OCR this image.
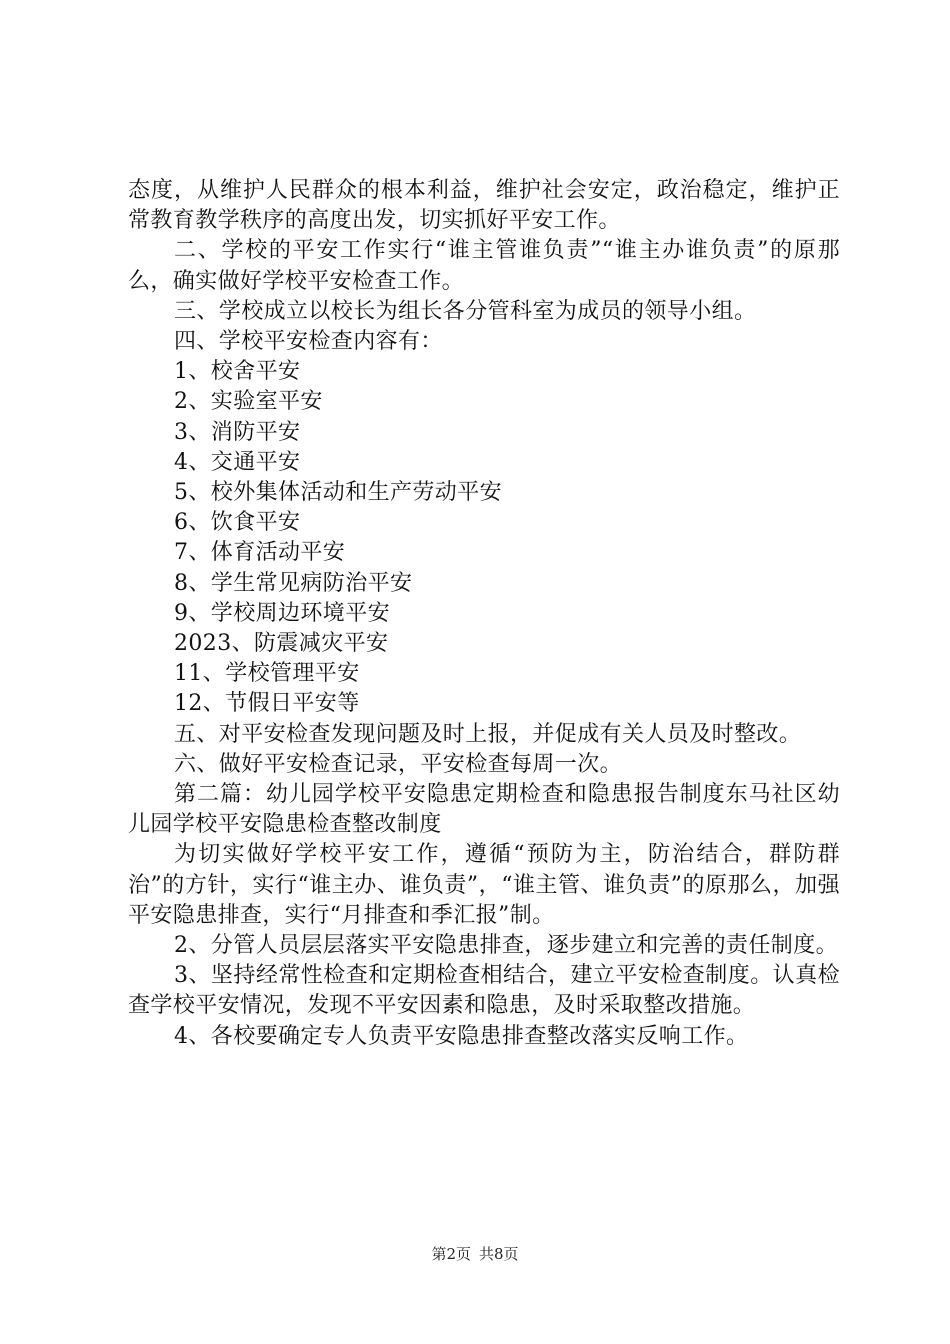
态度，从维护人民群众的根本利益，维护社会安定，政治稳定，维护正常教育教学秩序的高度出发，切实抓好平安工作。

二、学校的平安工作实行“谁主管谁负责”“谁主办谁负责”的原那么，确实做好学校平安检查工作。

三、学校成立以校长为组长各分管科室为成员的领导小组。

四、学校平安检查内容有：

1、校舍平安

2、实验室平安

3、消防平安

4、交通平安

5、校外集体活动和生产劳动平安

6、饮食平安

7、体育活动平安

8、学生常见病防治平安

9、学校周边环境平安

2023、防震减灾平安

11、学校管理平安

12、节假日平安等

五、对平安检查发现问题及时上报，并促成有关人员及时整改。

六、做好平安检查记录，平安检查每周一次。

第二篇：幼儿园学校平安隐患定期检查和隐患报告制度东马社区幼儿园学校平安隐患检查整改制度

为切实做好学校平安工作，遵循“预防为主，防治结合，群防群治”的方针，实行“谁主办、谁负责”，“谁主管、谁负责”的原那么，加强平安隐患排查，实行“月排查和季汇报”制。

2、分管人员层层落实平安隐患排查，逐步建立和完善的责任制度。

3、坚持经常性检查和定期检查相结合，建立平安检查制度。认真检查学校平安情况，发现不平安因素和隐患，及时采取整改措施。

4、各校要确定专人负责平安隐患排查整改落实反响工作。

第2页 共8页
